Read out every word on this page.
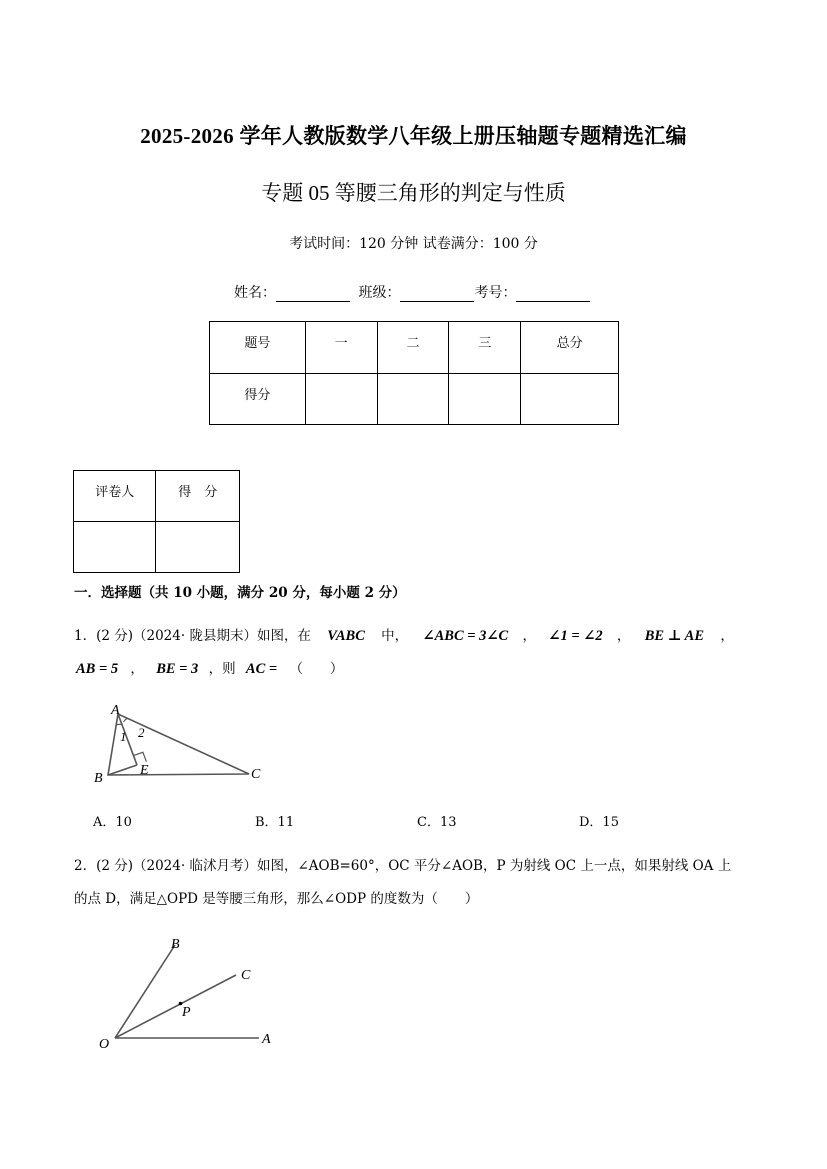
2025-2026 学年人教版数学八年级上册压轴题专题精选汇编
专题 05 等腰三角形的判定与性质
考试时间：120 分钟 试卷满分：100 分
姓名：	班级：	考号：
题号	一	二	三	总分
得分				
评卷人	得　分

一．选择题（共 10 小题，满分 20 分，每小题 2 分）
1．(2 分)（2024· 陇县期末）如图，在 VABC 中， ∠ABC = 3∠C ， ∠1 = ∠2 ， BE ⊥ AE ，
AB = 5 ， BE = 3 ，则 AC = （　　）
A
B	C
E
1 2
A．10	B．11	C．13	D．15
2．(2 分)（2024· 临沭月考）如图，∠AOB=60°，OC 平分∠AOB，P 为射线 OC 上一点，如果射线 OA 上
的点 D，满足△OPD 是等腰三角形，那么∠ODP 的度数为（　　）
O	A
B
C
P
